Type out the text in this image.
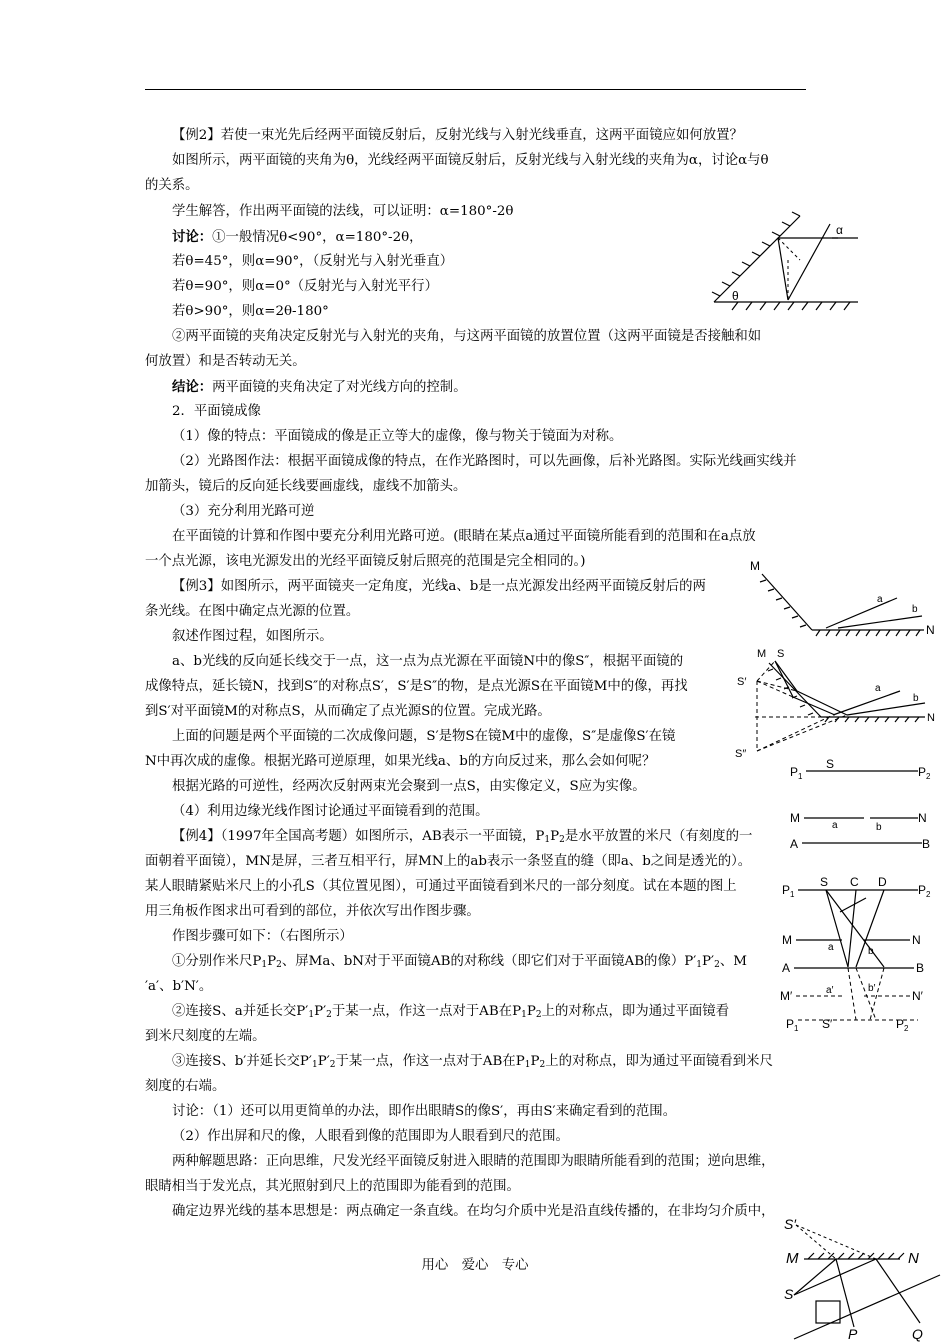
【例2】若使一束光先后经两平面镜反射后，反射光线与入射光线垂直，这两平面镜应如何放置？
如图所示，两平面镜的夹角为θ，光线经两平面镜反射后，反射光线与入射光线的夹角为α，讨论α与θ
的关系。
学生解答，作出两平面镜的法线，可以证明：α=180°-2θ
讨论：①一般情况θ<90°，α=180°-2θ，
若θ=45°，则α=90°，（反射光与入射光垂直）
若θ=90°，则α=0°（反射光与入射光平行）
若θ>90°，则α=2θ-180°
②两平面镜的夹角决定反射光与入射光的夹角，与这两平面镜的放置位置（这两平面镜是否接触和如
何放置）和是否转动无关。
结论：两平面镜的夹角决定了对光线方向的控制。
2．平面镜成像
（1）像的特点：平面镜成的像是正立等大的虚像，像与物关于镜面为对称。
（2）光路图作法：根据平面镜成像的特点，在作光路图时，可以先画像，后补光路图。实际光线画实线并
加箭头，镜后的反向延长线要画虚线，虚线不加箭头。
（3）充分利用光路可逆
在平面镜的计算和作图中要充分利用光路可逆。(眼睛在某点a通过平面镜所能看到的范围和在a点放
一个点光源，该电光源发出的光经平面镜反射后照亮的范围是完全相同的。)
【例3】如图所示，两平面镜夹一定角度，光线a、b是一点光源发出经两平面镜反射后的两
条光线。在图中确定点光源的位置。
叙述作图过程，如图所示。
a、b光线的反向延长线交于一点，这一点为点光源在平面镜N中的像S″，根据平面镜的
成像特点，延长镜N，找到S″的对称点S′，S′是S″的物，是点光源S在平面镜M中的像，再找
到S′对平面镜M的对称点S，从而确定了点光源S的位置。完成光路。
上面的问题是两个平面镜的二次成像问题，S′是物S在镜M中的虚像，S″是虚像S′在镜
N中再次成的虚像。根据光路可逆原理，如果光线a、b的方向反过来，那么会如何呢？
根据光路的可逆性，经两次反射两束光会聚到一点S，由实像定义，S应为实像。
（4）利用边缘光线作图讨论通过平面镜看到的范围。
【例4】（1997年全国高考题）如图所示，AB表示一平面镜，$P_1P_2$是水平放置的米尺（有刻度的一
面朝着平面镜），MN是屏，三者互相平行，屏MN上的ab表示一条竖直的缝（即a、b之间是透光的）。
某人眼睛紧贴米尺上的小孔S（其位置见图），可通过平面镜看到米尺的一部分刻度。试在本题的图上
用三角板作图求出可看到的部位，并依次写出作图步骤。
作图步骤可如下：（右图所示）
①分别作米尺$P_1P_2$、屏Ma、bN对于平面镜AB的对称线（即它们对于平面镜AB的像）$P'_1P'_2$、M
′a′、b′N′。
②连接S、a并延长交$P'_1P'_2$于某一点，作这一点对于AB在$P_1P_2$上的对称点，即为通过平面镜看
到米尺刻度的左端。
③连接S、b′并延长交$P'_1P'_2$于某一点，作这一点对于AB在$P_1P_2$上的对称点，即为通过平面镜看到米尺
刻度的右端。
讨论：（1）还可以用更简单的办法，即作出眼睛S的像S′，再由S′来确定看到的范围。
（2）作出屏和尺的像，人眼看到像的范围即为人眼看到尺的范围。
两种解题思路：正向思维，尺发光经平面镜反射进入眼睛的范围即为眼睛所能看到的范围；逆向思维，
眼睛相当于发光点，其光照射到尺上的范围即为能看到的范围。
确定边界光线的基本思想是：两点确定一条直线。在均匀介质中光是沿直线传播的，在非均匀介质中，
α
θ
M
a
b
N
M S
S′
S″
a
b
N
$P_1$
S
$P_2$
M
a	b
N
A	B
$P_1$
S C D
$P_2$
M
a	b
N
A	B
M′	a′	b′
N′
$P_1$ S′	$P_2$
S′
M	N
S
P	Q
用心　爱心　专心
